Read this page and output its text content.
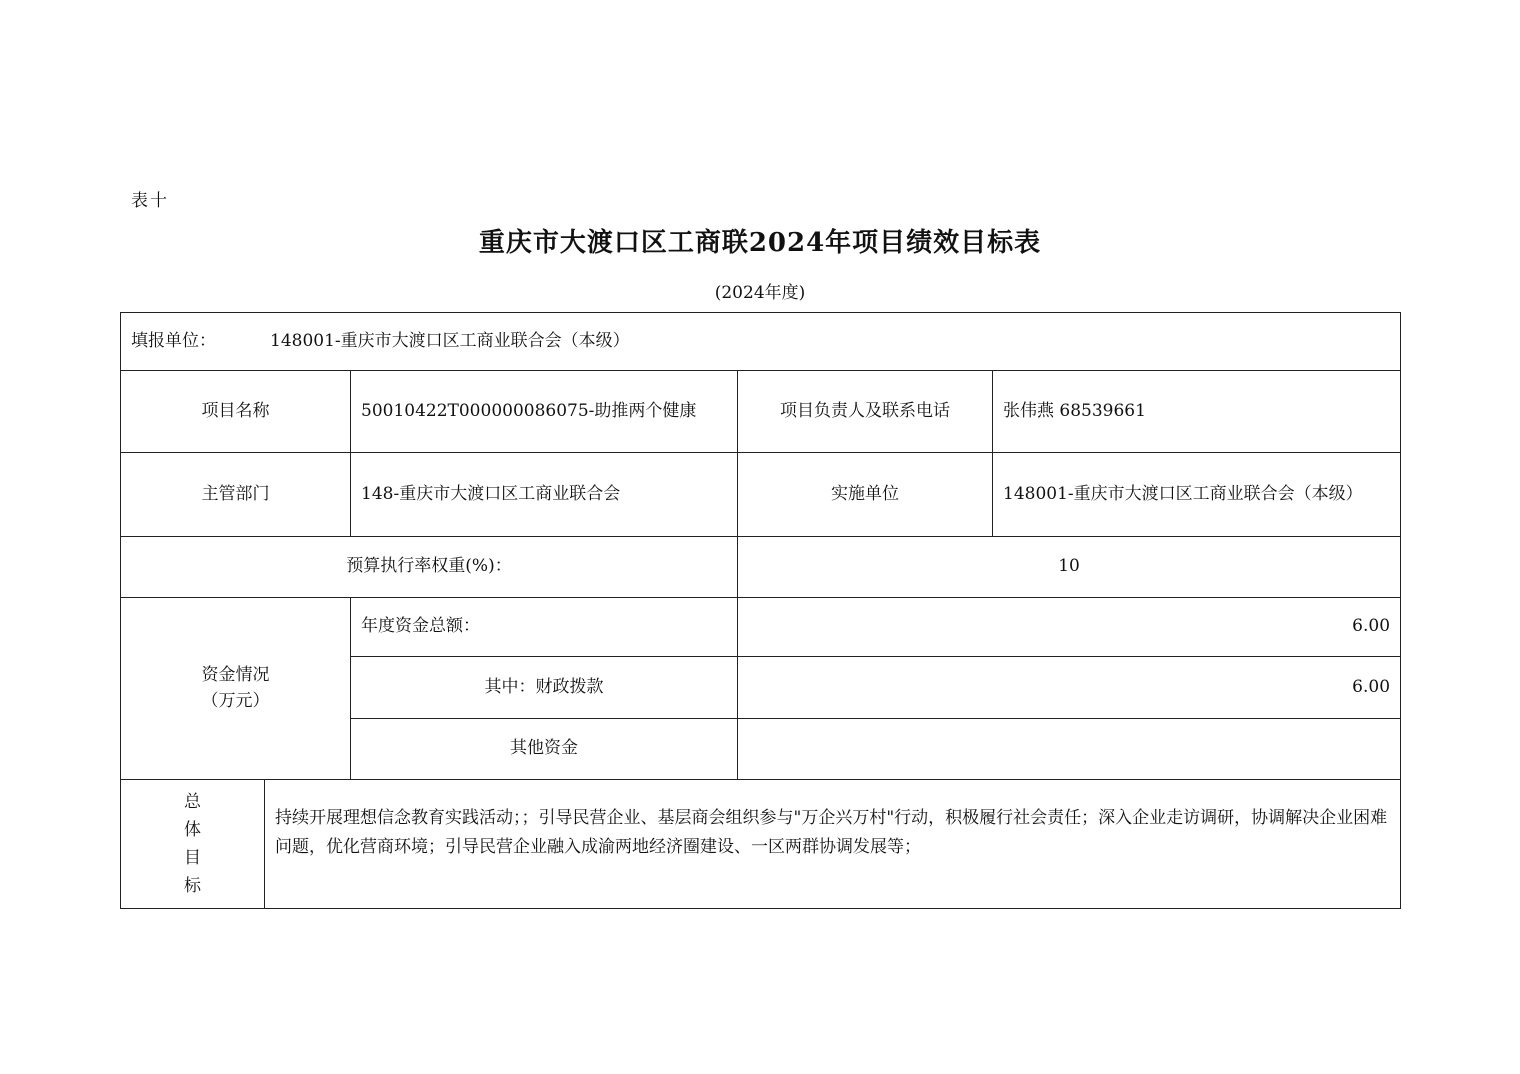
表十
重庆市大渡口区工商联2024年项目绩效目标表
(2024年度)
填报单位： 148001-重庆市大渡口区工商业联合会（本级）				
项目名称		50010422T000000086075-助推两个健康	项目负责人及联系电话	张伟燕 68539661
主管部门		148-重庆市大渡口区工商业联合会	实施单位	148001-重庆市大渡口区工商业联合会（本级）
预算执行率权重(%)：			10	

资金情况
（万元）		年度资金总额：	6.00	
		其中：财政拨款	6.00	
		其他资金		

总
体
目
标	持续开展理想信念教育实践活动；；引导民营企业、基层商会组织参与"万企兴万村"行动，积极履行社会责任；深入企业走访调研，协调解决企业困难问题，优化营商环境；引导民营企业融入成渝两地经济圈建设、一区两群协调发展等；			
